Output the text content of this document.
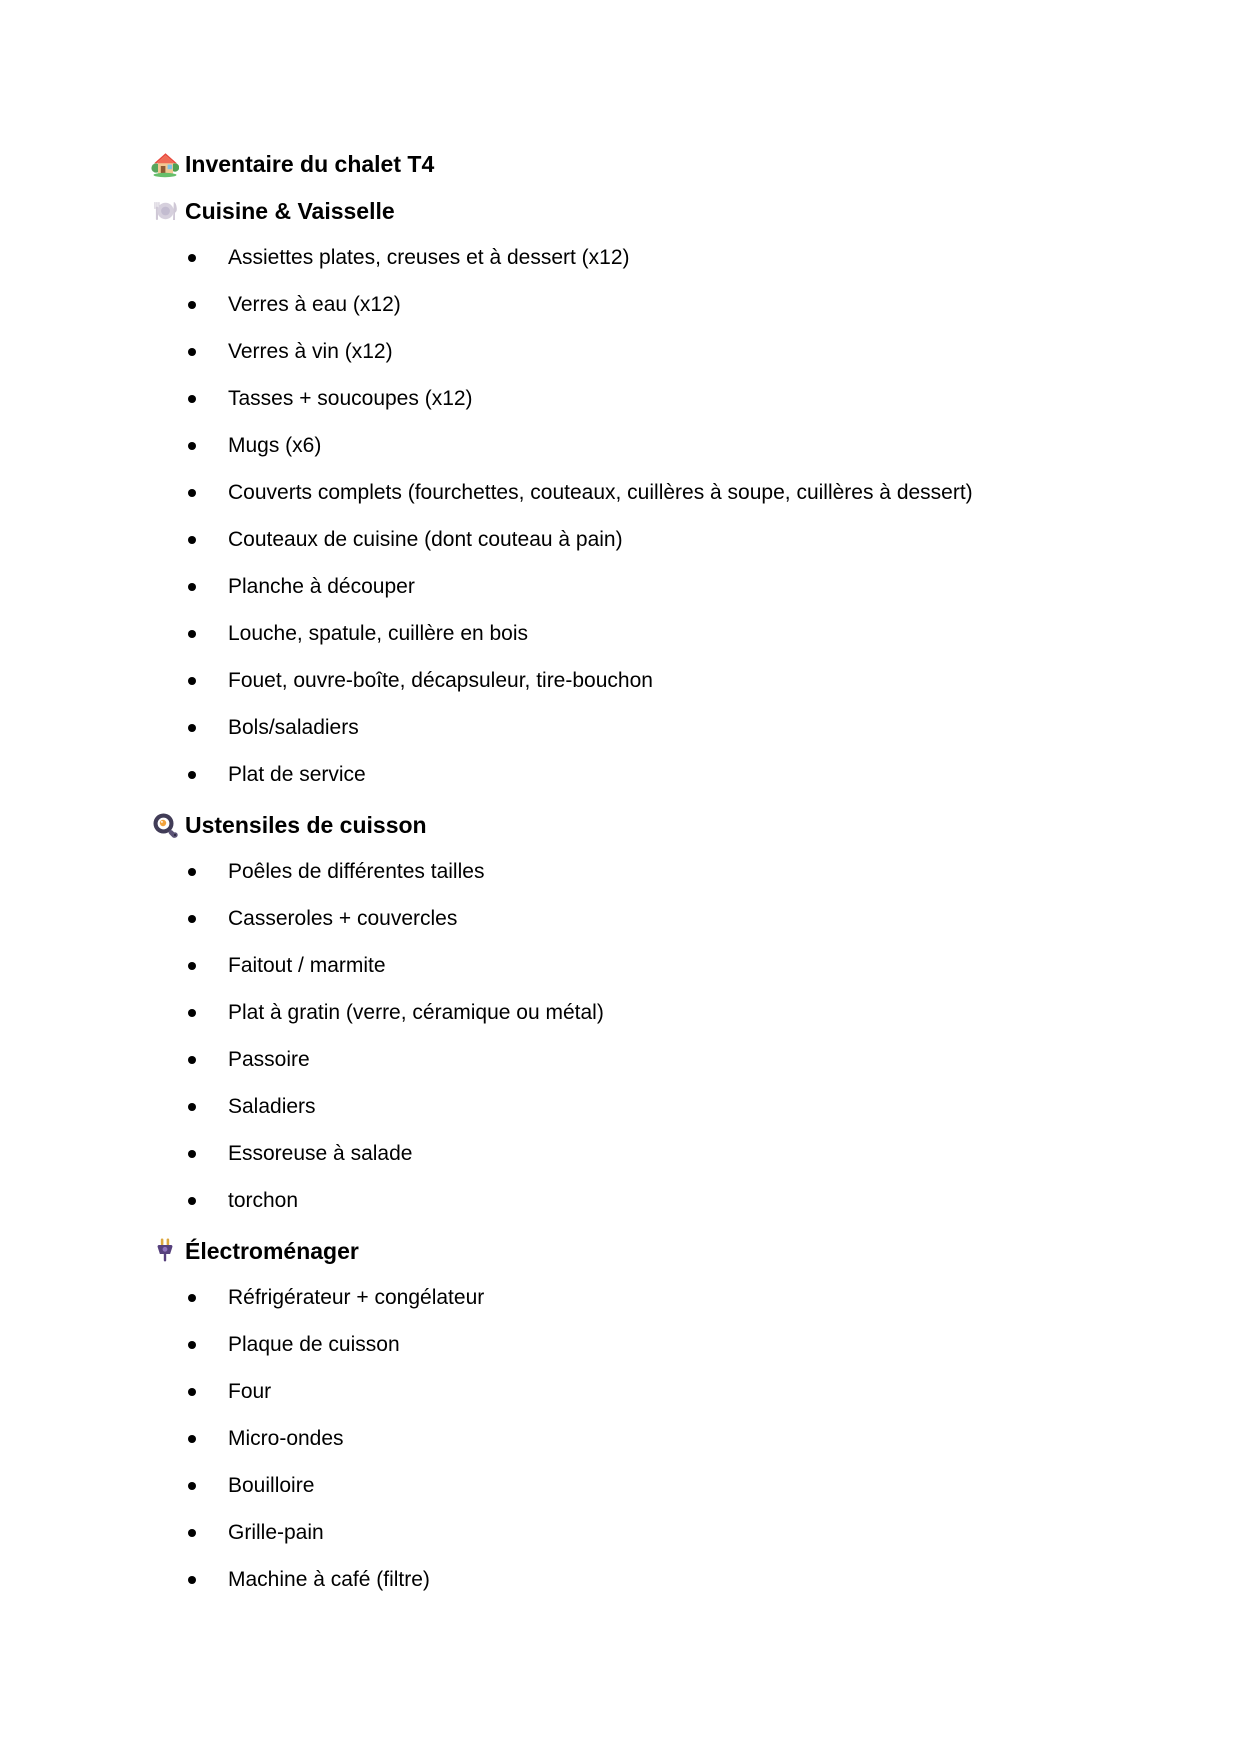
Inventaire du chalet T4
Cuisine & Vaisselle
Assiettes plates, creuses et à dessert (x12)
Verres à eau (x12)
Verres à vin (x12)
Tasses + soucoupes (x12)
Mugs (x6)
Couverts complets (fourchettes, couteaux, cuillères à soupe, cuillères à dessert)
Couteaux de cuisine (dont couteau à pain)
Planche à découper
Louche, spatule, cuillère en bois
Fouet, ouvre-boîte, décapsuleur, tire-bouchon
Bols/saladiers
Plat de service
Ustensiles de cuisson
Poêles de différentes tailles
Casseroles + couvercles
Faitout / marmite
Plat à gratin (verre, céramique ou métal)
Passoire
Saladiers
Essoreuse à salade
torchon
Électroménager
Réfrigérateur + congélateur
Plaque de cuisson
Four
Micro-ondes
Bouilloire
Grille-pain
Machine à café (filtre)
